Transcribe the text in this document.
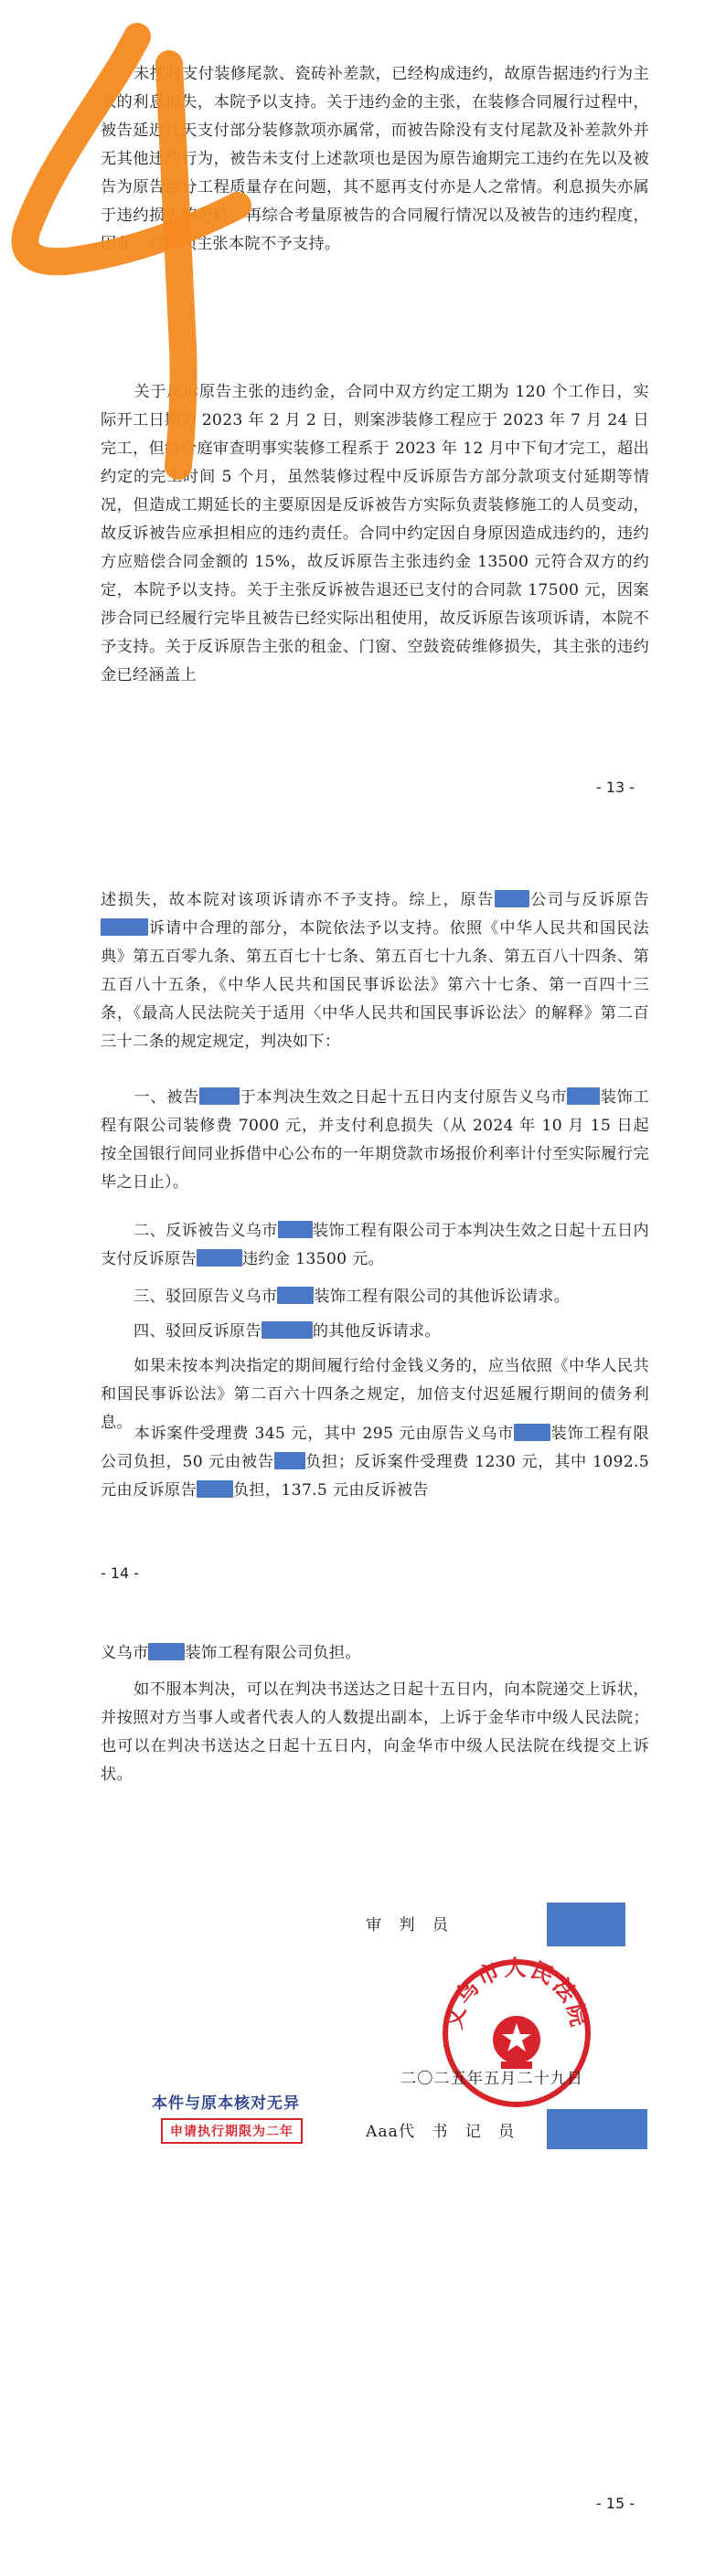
未按时支付装修尾款、瓷砖补差款，已经构成违约，故原告据违约行为主张的利息损失，本院予以支持。关于违约金的主张，在装修合同履行过程中，被告延迟几天支付部分装修款项亦属常，而被告除没有支付尾款及补差款外并无其他违约行为，被告未支付上述款项也是因为原告逾期完工违约在先以及被告为原告部分工程质量存在问题，其不愿再支付亦是人之常情。利息损失亦属于违约损失的范畴，再综合考量原被告的合同履行情况以及被告的违约程度，因此，对该项主张本院不予支持。

关于反诉原告主张的违约金，合同中双方约定工期为 120 个工作日，实际开工日期为 2023 年 2 月 2 日，则案涉装修工程应于 2023 年 7 月 24 日完工，但结合庭审查明事实装修工程系于 2023 年 12 月中下旬才完工，超出约定的完工时间 5 个月，虽然装修过程中反诉原告方部分款项支付延期等情况，但造成工期延长的主要原因是反诉被告方实际负责装修施工的人员变动，故反诉被告应承担相应的违约责任。合同中约定因自身原因造成违约的，违约方应赔偿合同金额的 15%，故反诉原告主张违约金 13500 元符合双方的约定，本院予以支持。关于主张反诉被告退还已支付的合同款 17500 元，因案涉合同已经履行完毕且被告已经实际出租使用，故反诉原告该项诉请，本院不予支持。关于反诉原告主张的租金、门窗、空鼓瓷砖维修损失，其主张的违约金已经涵盖上

- 13 -

述损失，故本院对该项诉请亦不予支持。综上，原告 公司与反诉原告诉请中合理的部分，本院依法予以支持。依照《中华人民共和国民法典》第五百零九条、第五百七十七条、第五百七十九条、第五百八十四条、第五百八十五条，《中华人民共和国民事诉讼法》第六十七条、第一百四十三条，《最高人民法院关于适用〈中华人民共和国民事诉讼法〉的解释》第二百三十二条的规定规定，判决如下：

一、被告	于本判决生效之日起十五日内支付原告义乌市 装饰工程有限公司装修费 7000 元，并支付利息损失（从 2024 年 10 月 15 日起按全国银行间同业拆借中心公布的一年期贷款市场报价利率计付至实际履行完毕之日止）。

二、反诉被告义乌市 装饰工程有限公司于本判决生效之日起十五日内支付反诉原告	违约金 13500 元。

三、驳回原告义乌市 装饰工程有限公司的其他诉讼请求。

四、驳回反诉原告	的其他反诉请求。

如果未按本判决指定的期间履行给付金钱义务的，应当依照《中华人民共和国民事诉讼法》第二百六十四条之规定，加倍支付迟延履行期间的债务利息。

本诉案件受理费 345 元，其中 295 元由原告义乌市 装饰工程有限公司负担，50 元由被告 负担；反诉案件受理费 1230 元，其中 1092.5 元由反诉原告 负担，137.5 元由反诉被告

- 14 -

义乌市 装饰工程有限公司负担。

如不服本判决，可以在判决书送达之日起十五日内，向本院递交上诉状，并按照对方当事人或者代表人的人数提出副本，上诉于金华市中级人民法院；也可以在判决书送达之日起十五日内，向金华市中级人民法院在线提交上诉状。

审　判　员
义乌市人民法院
二〇二五年五月二十九日
本件与原本核对无异
申请执行期限为二年	Aaa代　书　记　员
- 15 -
